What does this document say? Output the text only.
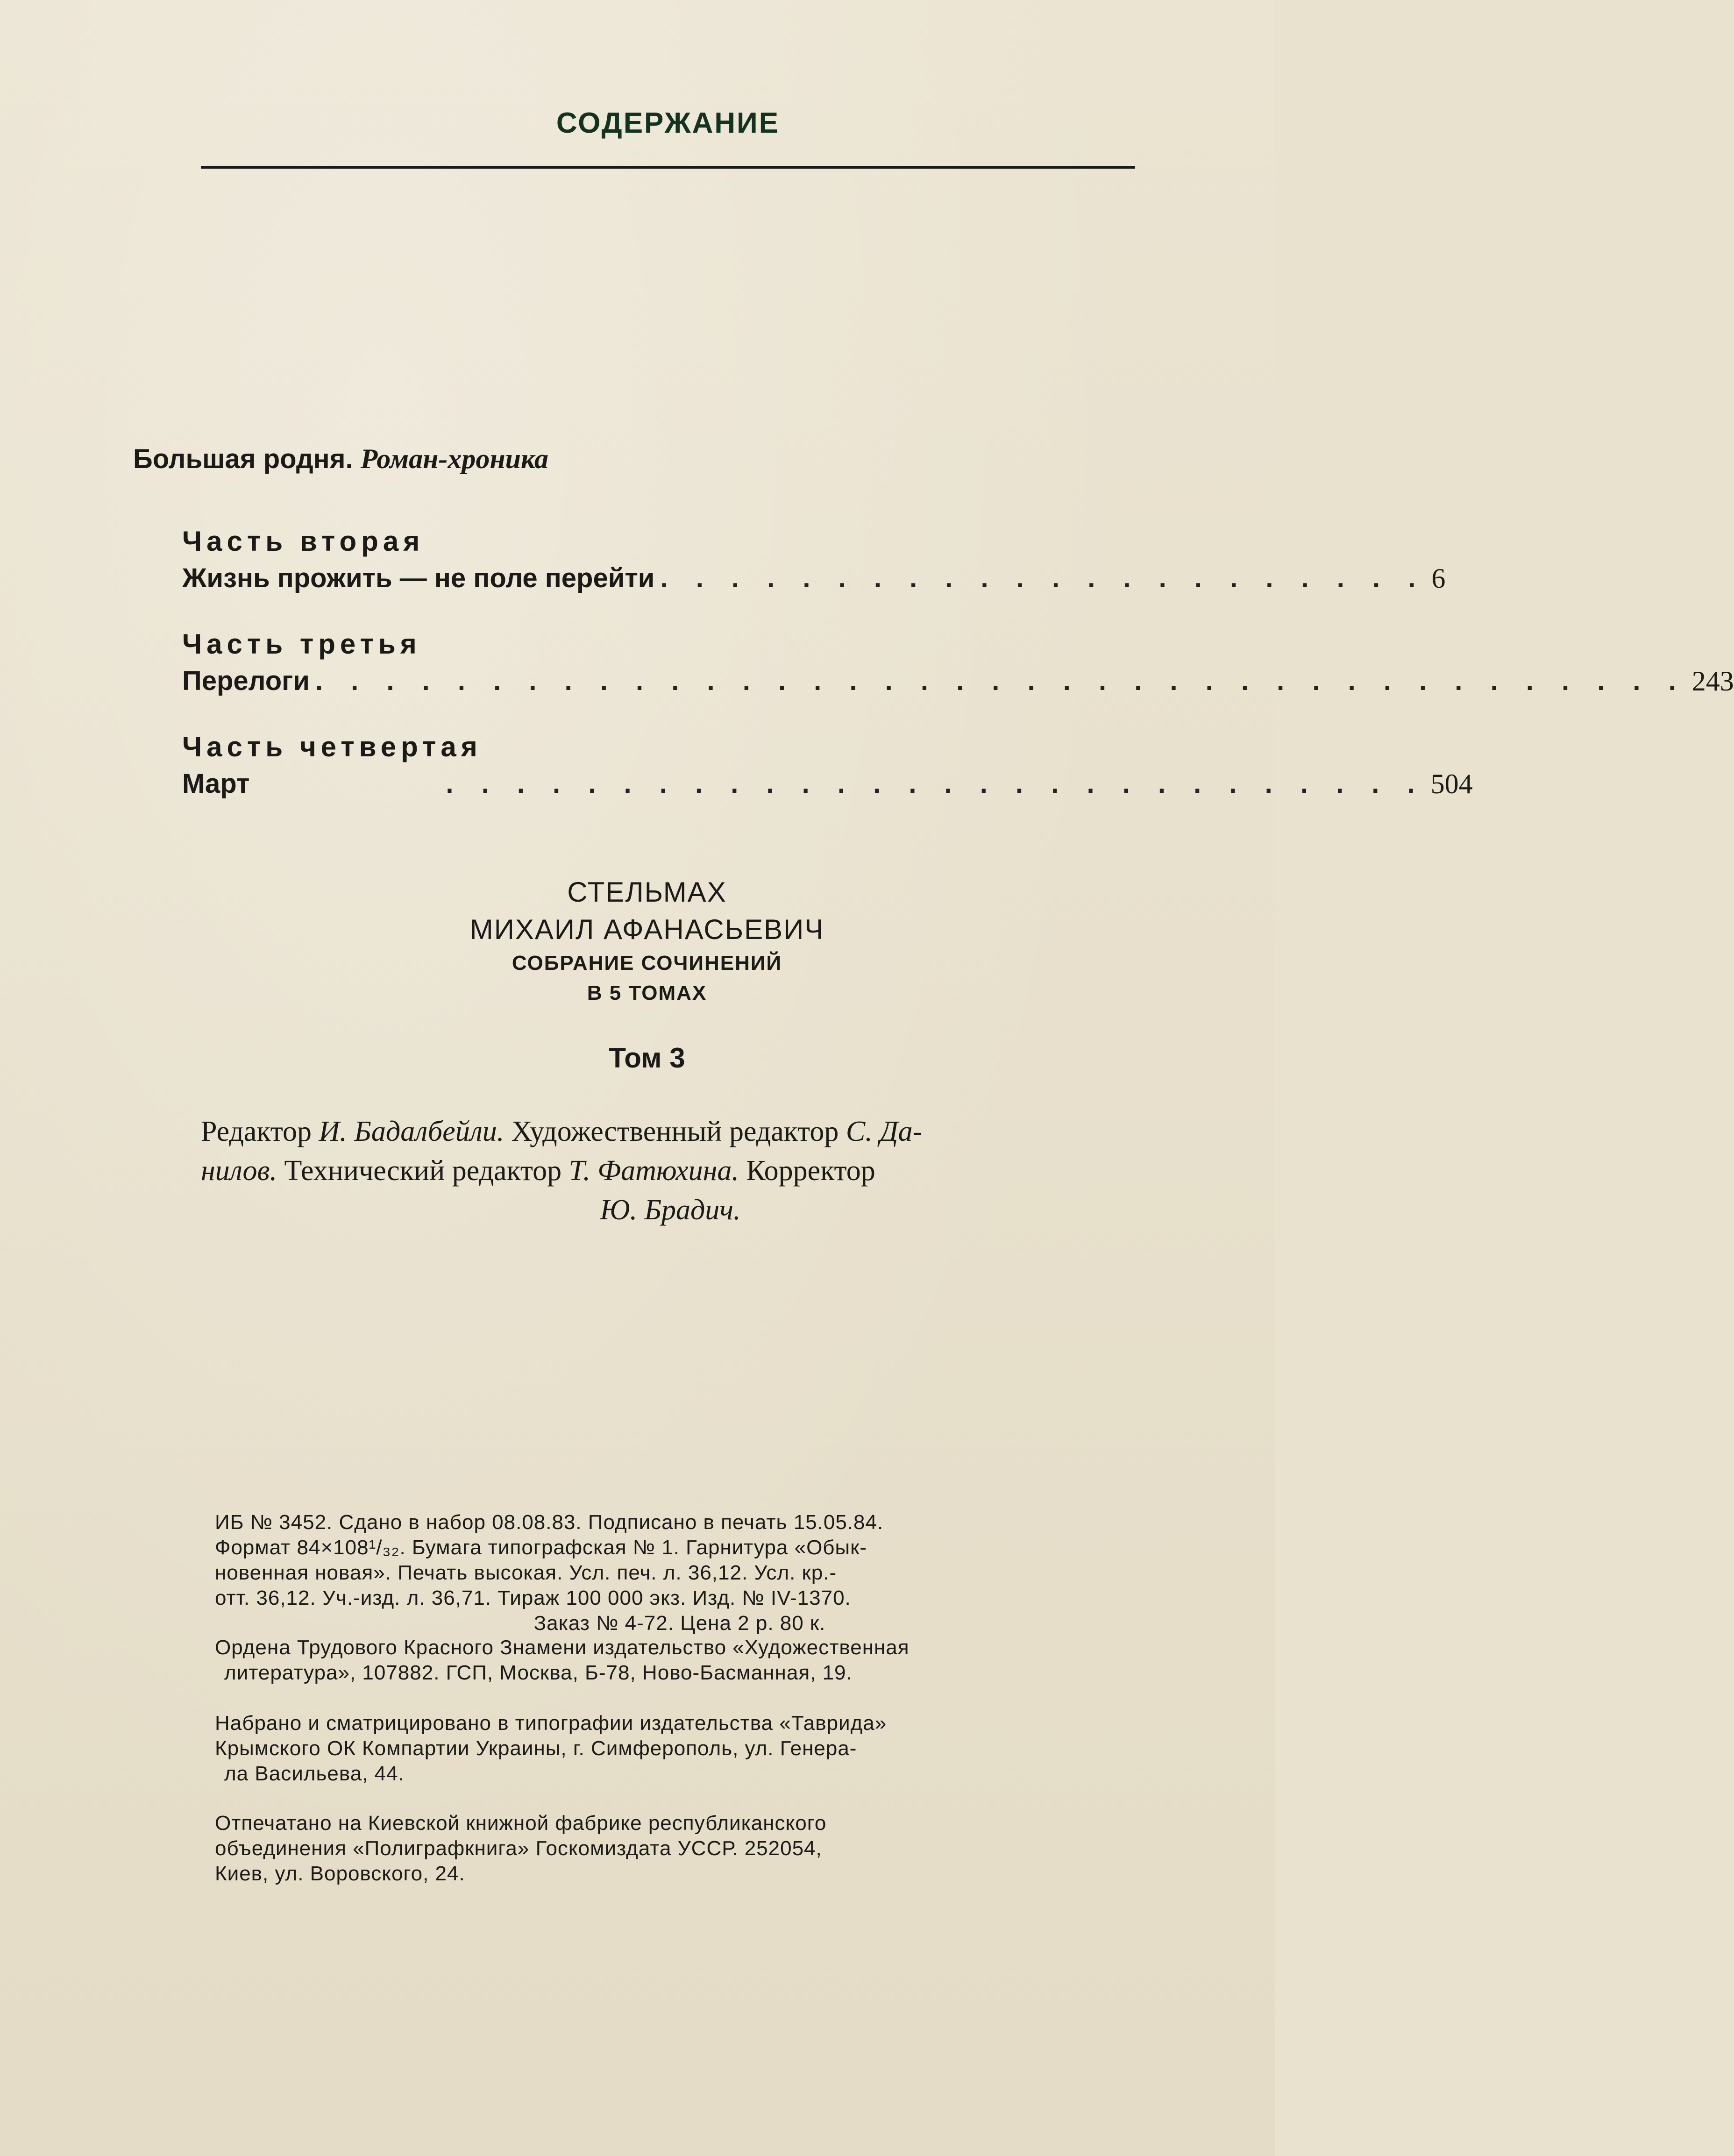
СОДЕРЖАНИЕ
Большая родня. Роман-хроника
Часть вторая
Жизнь прожить — не поле перейти . . . . . . . . . . . . . . . . . . . . . . 6
Часть третья
Перелоги . . . . . . . . . . . . . . . . . . . . . . . . . . . . . . . . . . . . . . . 243
Часть четвертая
Март	. . . . . . . . . . . . . . . . . . . . . . . . . . . . 504
СТЕЛЬМАХ
МИХАИЛ АФАНАСЬЕВИЧ
СОБРАНИЕ СОЧИНЕНИЙ
В 5 ТОМАХ
Том 3
Редактор И. Бадалбейли. Художественный редактор С. Да-
нилов. Технический редактор Т. Фатюхина. Корректор
Ю. Брадич.
ИБ № 3452. Сдано в набор 08.08.83. Подписано в печать 15.05.84.
Формат 84×108¹/₃₂. Бумага типографская № 1. Гарнитура «Обык-
новенная новая». Печать высокая. Усл. печ. л. 36,12. Усл. кр.-
отт. 36,12. Уч.-изд. л. 36,71. Тираж 100 000 экз. Изд. № IV-1370.
Заказ № 4-72. Цена 2 р. 80 к.
Ордена Трудового Красного Знамени издательство «Художественная
литература», 107882. ГСП, Москва, Б-78, Ново-Басманная, 19.
Набрано и сматрицировано в типографии издательства «Таврида»
Крымского ОК Компартии Украины, г. Симферополь, ул. Генера-
ла Васильева, 44.
Отпечатано на Киевской книжной фабрике республиканского
объединения «Полиграфкнига» Госкомиздата УССР. 252054,
Киев, ул. Воровского, 24.
